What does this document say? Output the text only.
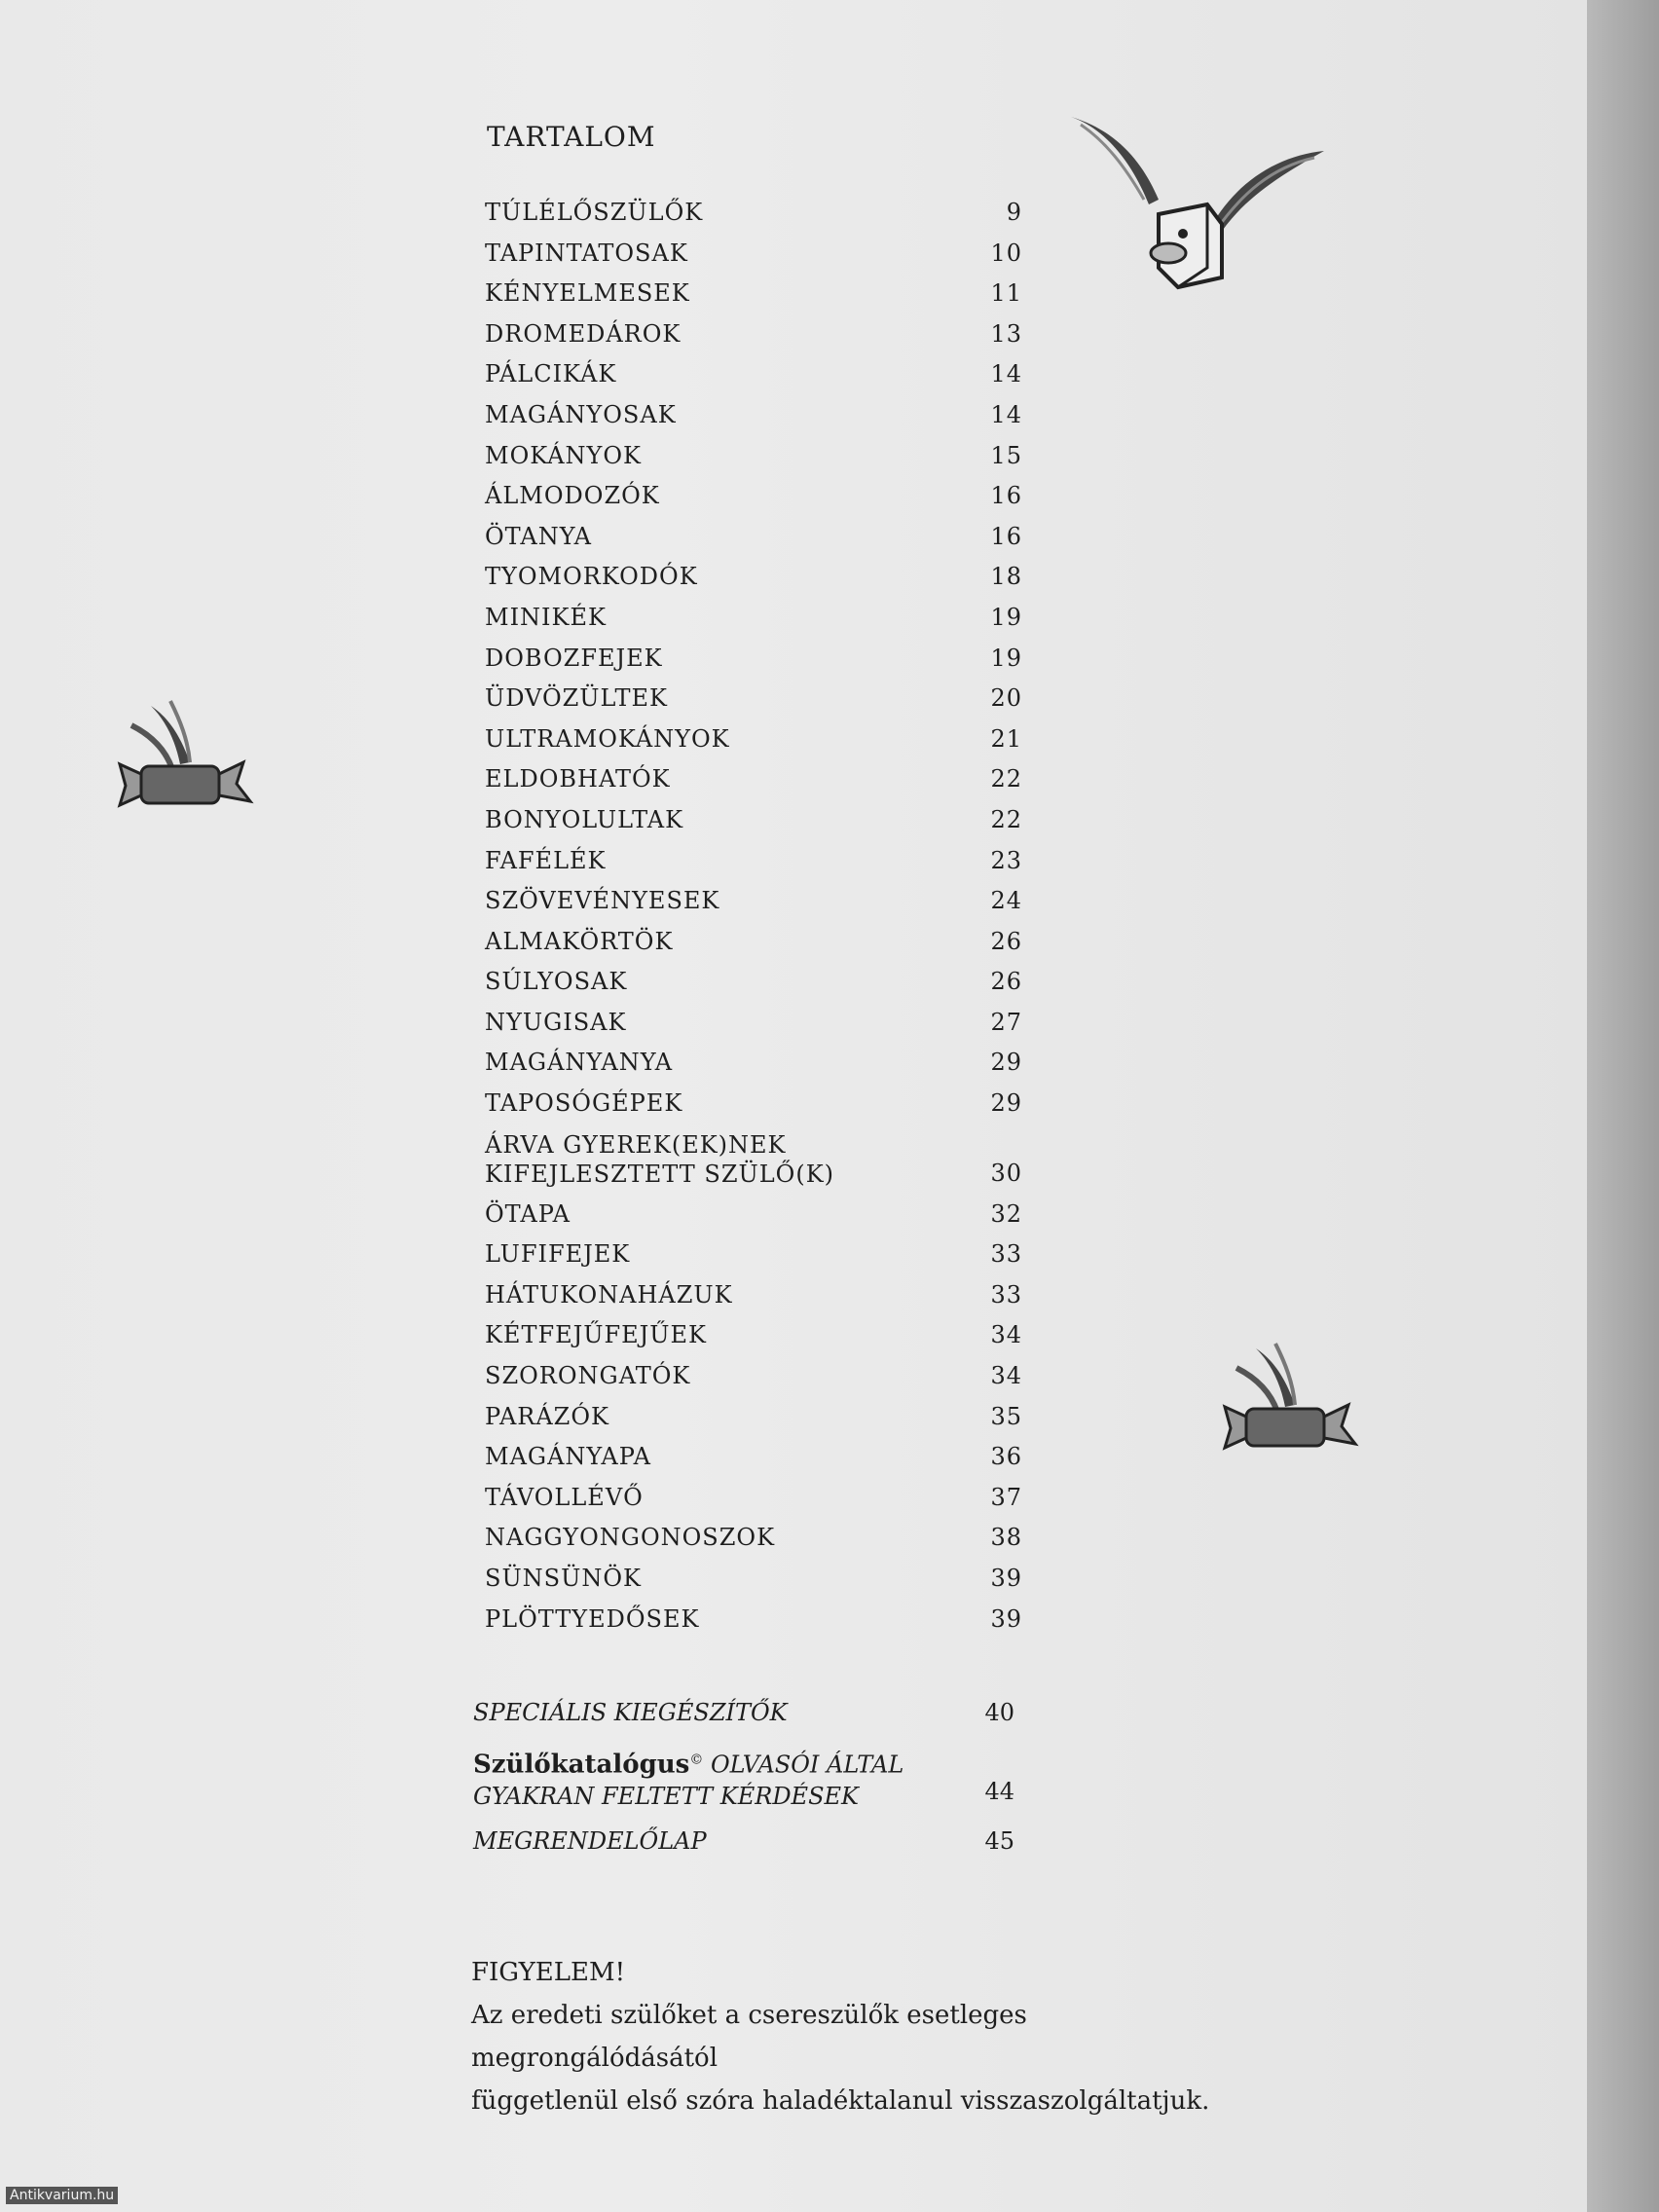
TARTALOM
TÚLÉLŐSZÜLŐK	9
TAPINTATOSAK	10
KÉNYELMESEK	11
DROMEDÁROK	13
PÁLCIKÁK	14
MAGÁNYOSAK	14
MOKÁNYOK	15
ÁLMODOZÓK	16
ÖTANYA	16
TYOMORKODÓK	18
MINIKÉK	19
DOBOZFEJEK	19
ÜDVÖZÜLTEK	20
ULTRAMOKÁNYOK	21
ELDOBHATÓK	22
BONYOLULTAK	22
FAFÉLÉK	23
SZÖVEVÉNYESEK	24
ALMAKÖRTÖK	26
SÚLYOSAK	26
NYUGISAK	27
MAGÁNYANYA	29
TAPOSÓGÉPEK	29
ÁRVA GYEREK(EK)NEK
KIFEJLESZTETT SZÜLŐ(K)	30
ÖTAPA	32
LUFIFEJEK	33
HÁTUKONAHÁZUK	33
KÉTFEJŰFEJŰEK	34
SZORONGATÓK	34
PARÁZÓK	35
MAGÁNYAPA	36
TÁVOLLÉVŐ	37
NAGGYONGONOSZOK	38
SÜNSÜNÖK	39
PLÖTTYEDŐSEK	39
SPECIÁLIS KIEGÉSZÍTŐK	40
Szülőkatalógus© OLVASÓI ÁLTAL
GYAKRAN FELTETT KÉRDÉSEK	44
MEGRENDELŐLAP	45
FIGYELEM!
Az eredeti szülőket a csereszülők esetleges megrongálódásától
függetlenül első szóra haladéktalanul visszaszolgáltatjuk.
Antikvarium.hu
